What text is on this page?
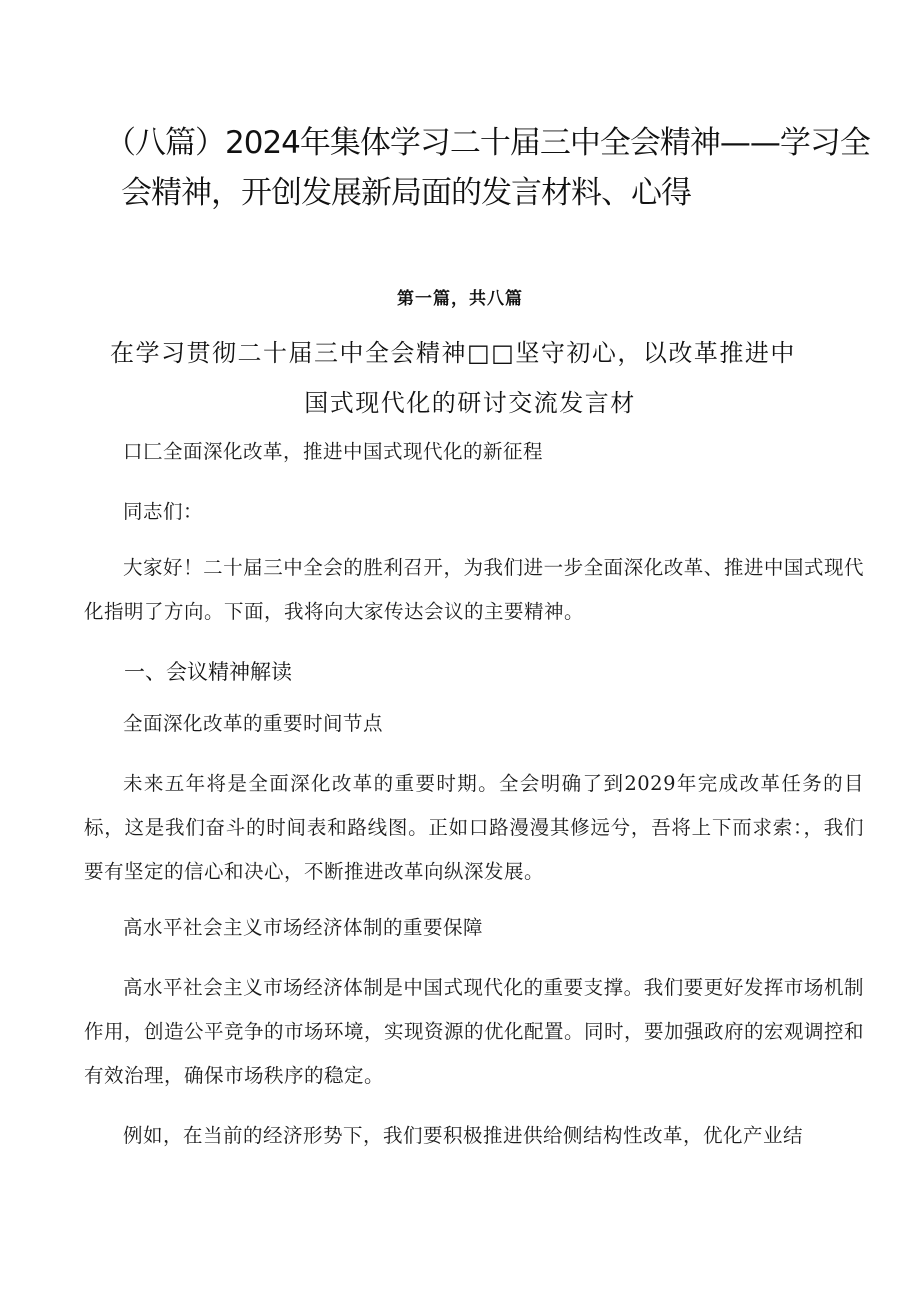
（八篇）2024年集体学习二十届三中全会精神——学习全
会精神，开创发展新局面的发言材料、心得
第一篇，共八篇
在学习贯彻二十届三中全会精神□□坚守初心，以改革推进中
国式现代化的研讨交流发言材

口匚全面深化改革，推进中国式现代化的新征程

同志们：

大家好！二十届三中全会的胜利召开，为我们进一步全面深化改革、推进中国式现代化指明了方向。下面，我将向大家传达会议的主要精神。

一、会议精神解读

全面深化改革的重要时间节点

未来五年将是全面深化改革的重要时期。全会明确了到2029年完成改革任务的目标，这是我们奋斗的时间表和路线图。正如口路漫漫其修远兮，吾将上下而求索：，我们要有坚定的信心和决心，不断推进改革向纵深发展。

高水平社会主义市场经济体制的重要保障

高水平社会主义市场经济体制是中国式现代化的重要支撑。我们要更好发挥市场机制作用，创造公平竞争的市场环境，实现资源的优化配置。同时，要加强政府的宏观调控和有效治理，确保市场秩序的稳定。

例如，在当前的经济形势下，我们要积极推进供给侧结构性改革，优化产业结
